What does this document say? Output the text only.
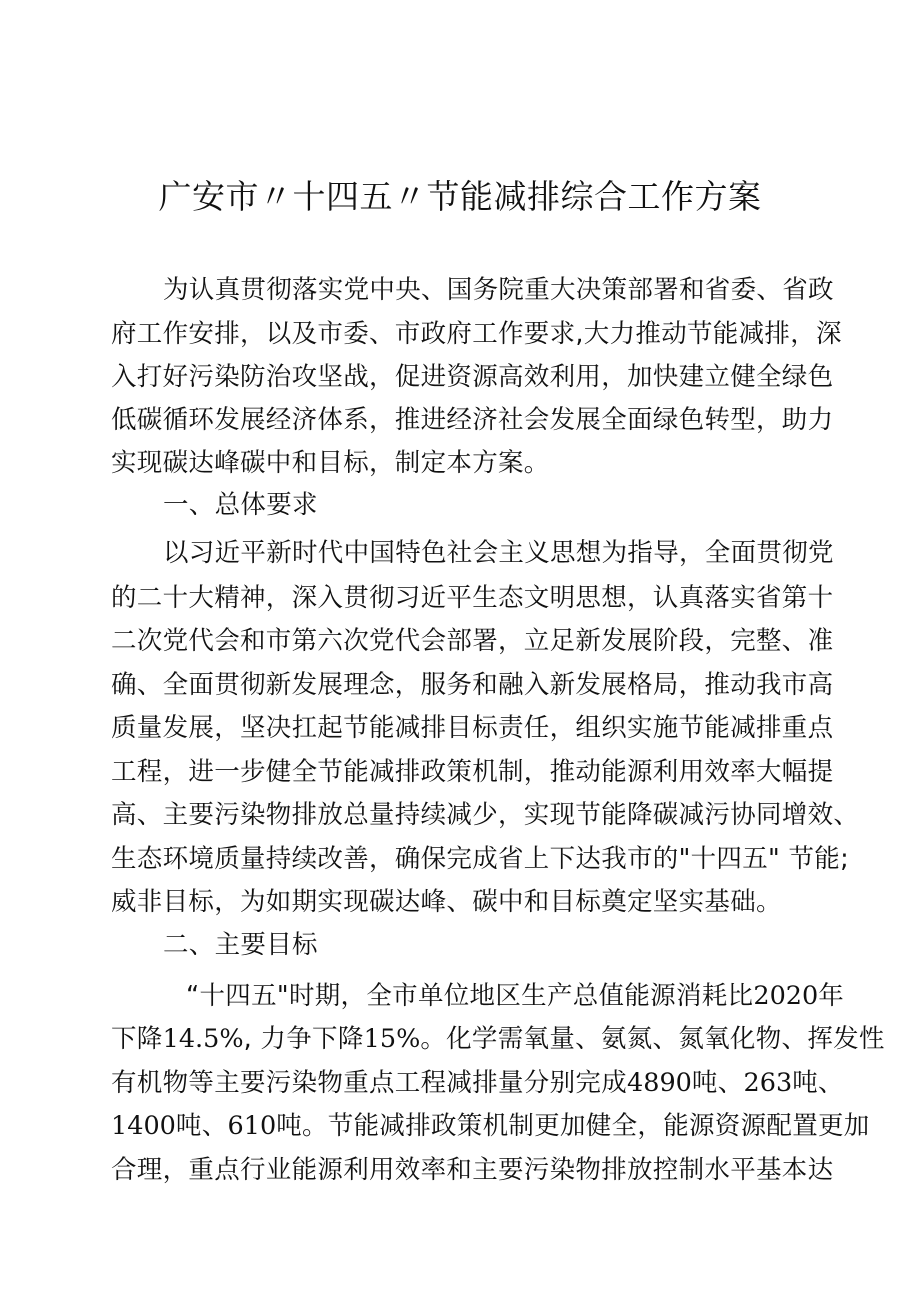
广安市〃十四五〃节能减排综合工作方案
为认真贯彻落实党中央、国务院重大决策部署和省委、省政
府工作安排，以及市委、市政府工作要求,大力推动节能减排，深
入打好污染防治攻坚战，促进资源高效利用，加快建立健全绿色
低碳循环发展经济体系，推进经济社会发展全面绿色转型，助力
实现碳达峰碳中和目标，制定本方案。
一、总体要求
以习近平新时代中国特色社会主义思想为指导，全面贯彻党
的二十大精神，深入贯彻习近平生态文明思想，认真落实省第十
二次党代会和市第六次党代会部署，立足新发展阶段，完整、准
确、全面贯彻新发展理念，服务和融入新发展格局，推动我市高
质量发展，坚决扛起节能减排目标责任，组织实施节能减排重点
工程，进一步健全节能减排政策机制，推动能源利用效率大幅提
高、主要污染物排放总量持续减少，实现节能降碳减污协同增效、
生态环境质量持续改善，确保完成省上下达我市的"十四五" 节能;
威非目标，为如期实现碳达峰、碳中和目标奠定坚实基础。
二、主要目标
“十四五"时期，全市单位地区生产总值能源消耗比2020年
下降14.5%, 力争下降15%。化学需氧量、氨氮、氮氧化物、挥发性
有机物等主要污染物重点工程减排量分别完成4890吨、263吨、
1400吨、610吨。节能减排政策机制更加健全，能源资源配置更加
合理，重点行业能源利用效率和主要污染物排放控制水平基本达
